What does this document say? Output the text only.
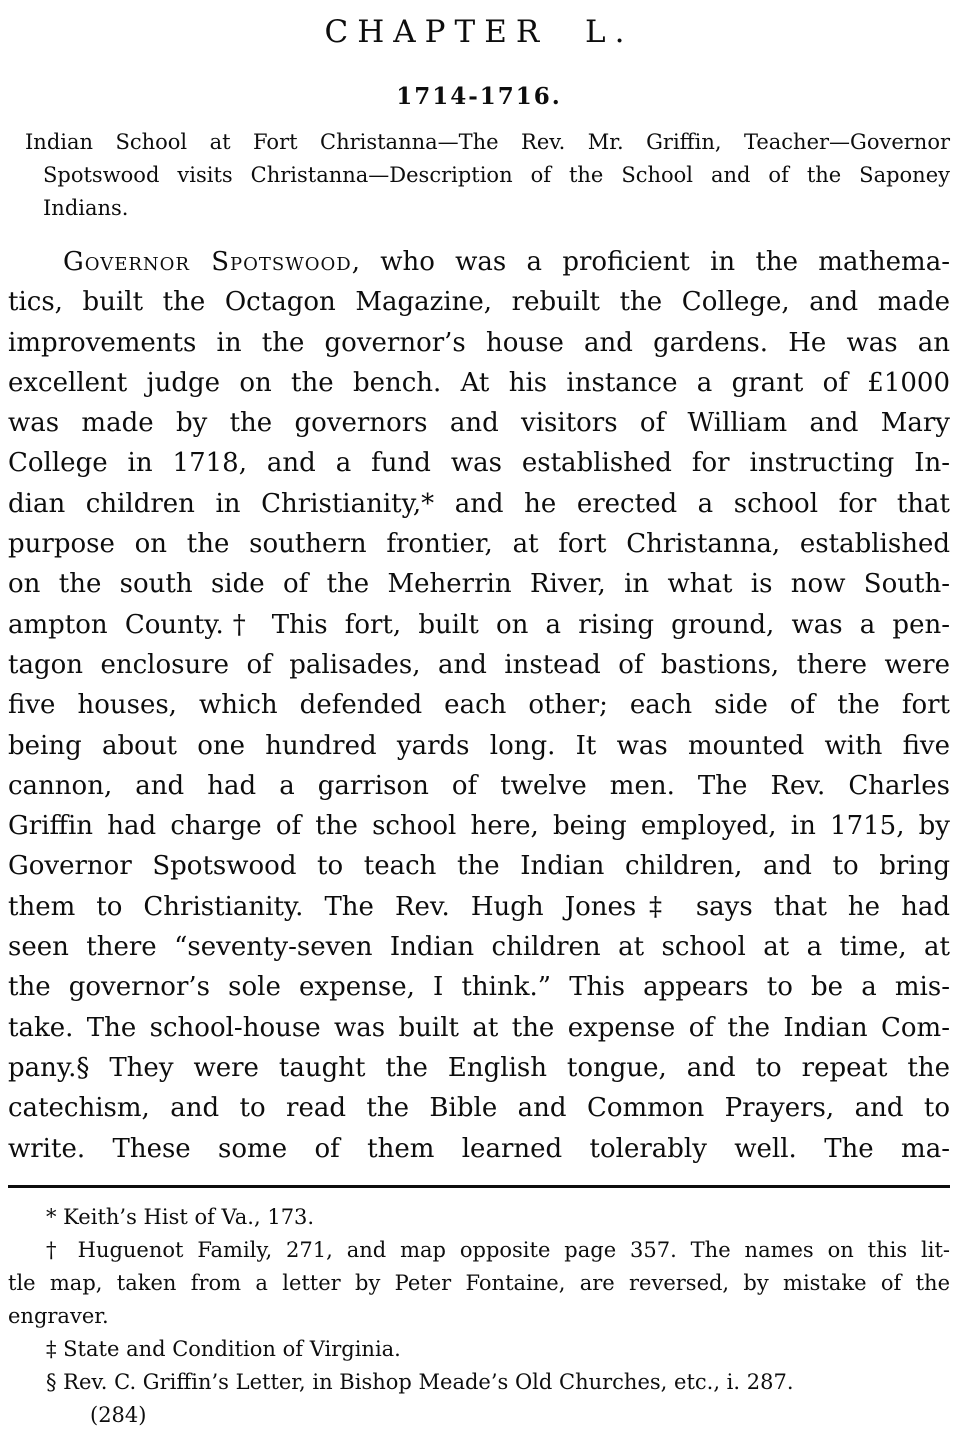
CHAPTER L.
1714-1716.
Indian School at Fort Christanna—The Rev. Mr. Griffin, Teacher—Governor
Spotswood visits Christanna—Description of the School and of the Saponey
Indians.
Governor Spotswood, who was a proficient in the mathema-
tics, built the Octagon Magazine, rebuilt the College, and made
improvements in the governor’s house and gardens. He was an
excellent judge on the bench. At his instance a grant of £1000
was made by the governors and visitors of William and Mary
College in 1718, and a fund was established for instructing In-
dian children in Christianity,* and he erected a school for that
purpose on the southern frontier, at fort Christanna, established
on the south side of the Meherrin River, in what is now South-
ampton County.† This fort, built on a rising ground, was a pen-
tagon enclosure of palisades, and instead of bastions, there were
five houses, which defended each other; each side of the fort
being about one hundred yards long. It was mounted with five
cannon, and had a garrison of twelve men. The Rev. Charles
Griffin had charge of the school here, being employed, in 1715, by
Governor Spotswood to teach the Indian children, and to bring
them to Christianity. The Rev. Hugh Jones‡ says that he had
seen there “seventy-seven Indian children at school at a time, at
the governor’s sole expense, I think.” This appears to be a mis-
take. The school-house was built at the expense of the Indian Com-
pany.§ They were taught the English tongue, and to repeat the
catechism, and to read the Bible and Common Prayers, and to
write. These some of them learned tolerably well. The ma-
* Keith’s Hist of Va., 173.
† Huguenot Family, 271, and map opposite page 357. The names on this lit-
tle map, taken from a letter by Peter Fontaine, are reversed, by mistake of the
engraver.
‡ State and Condition of Virginia.
§ Rev. C. Griffin’s Letter, in Bishop Meade’s Old Churches, etc., i. 287.
(284)
